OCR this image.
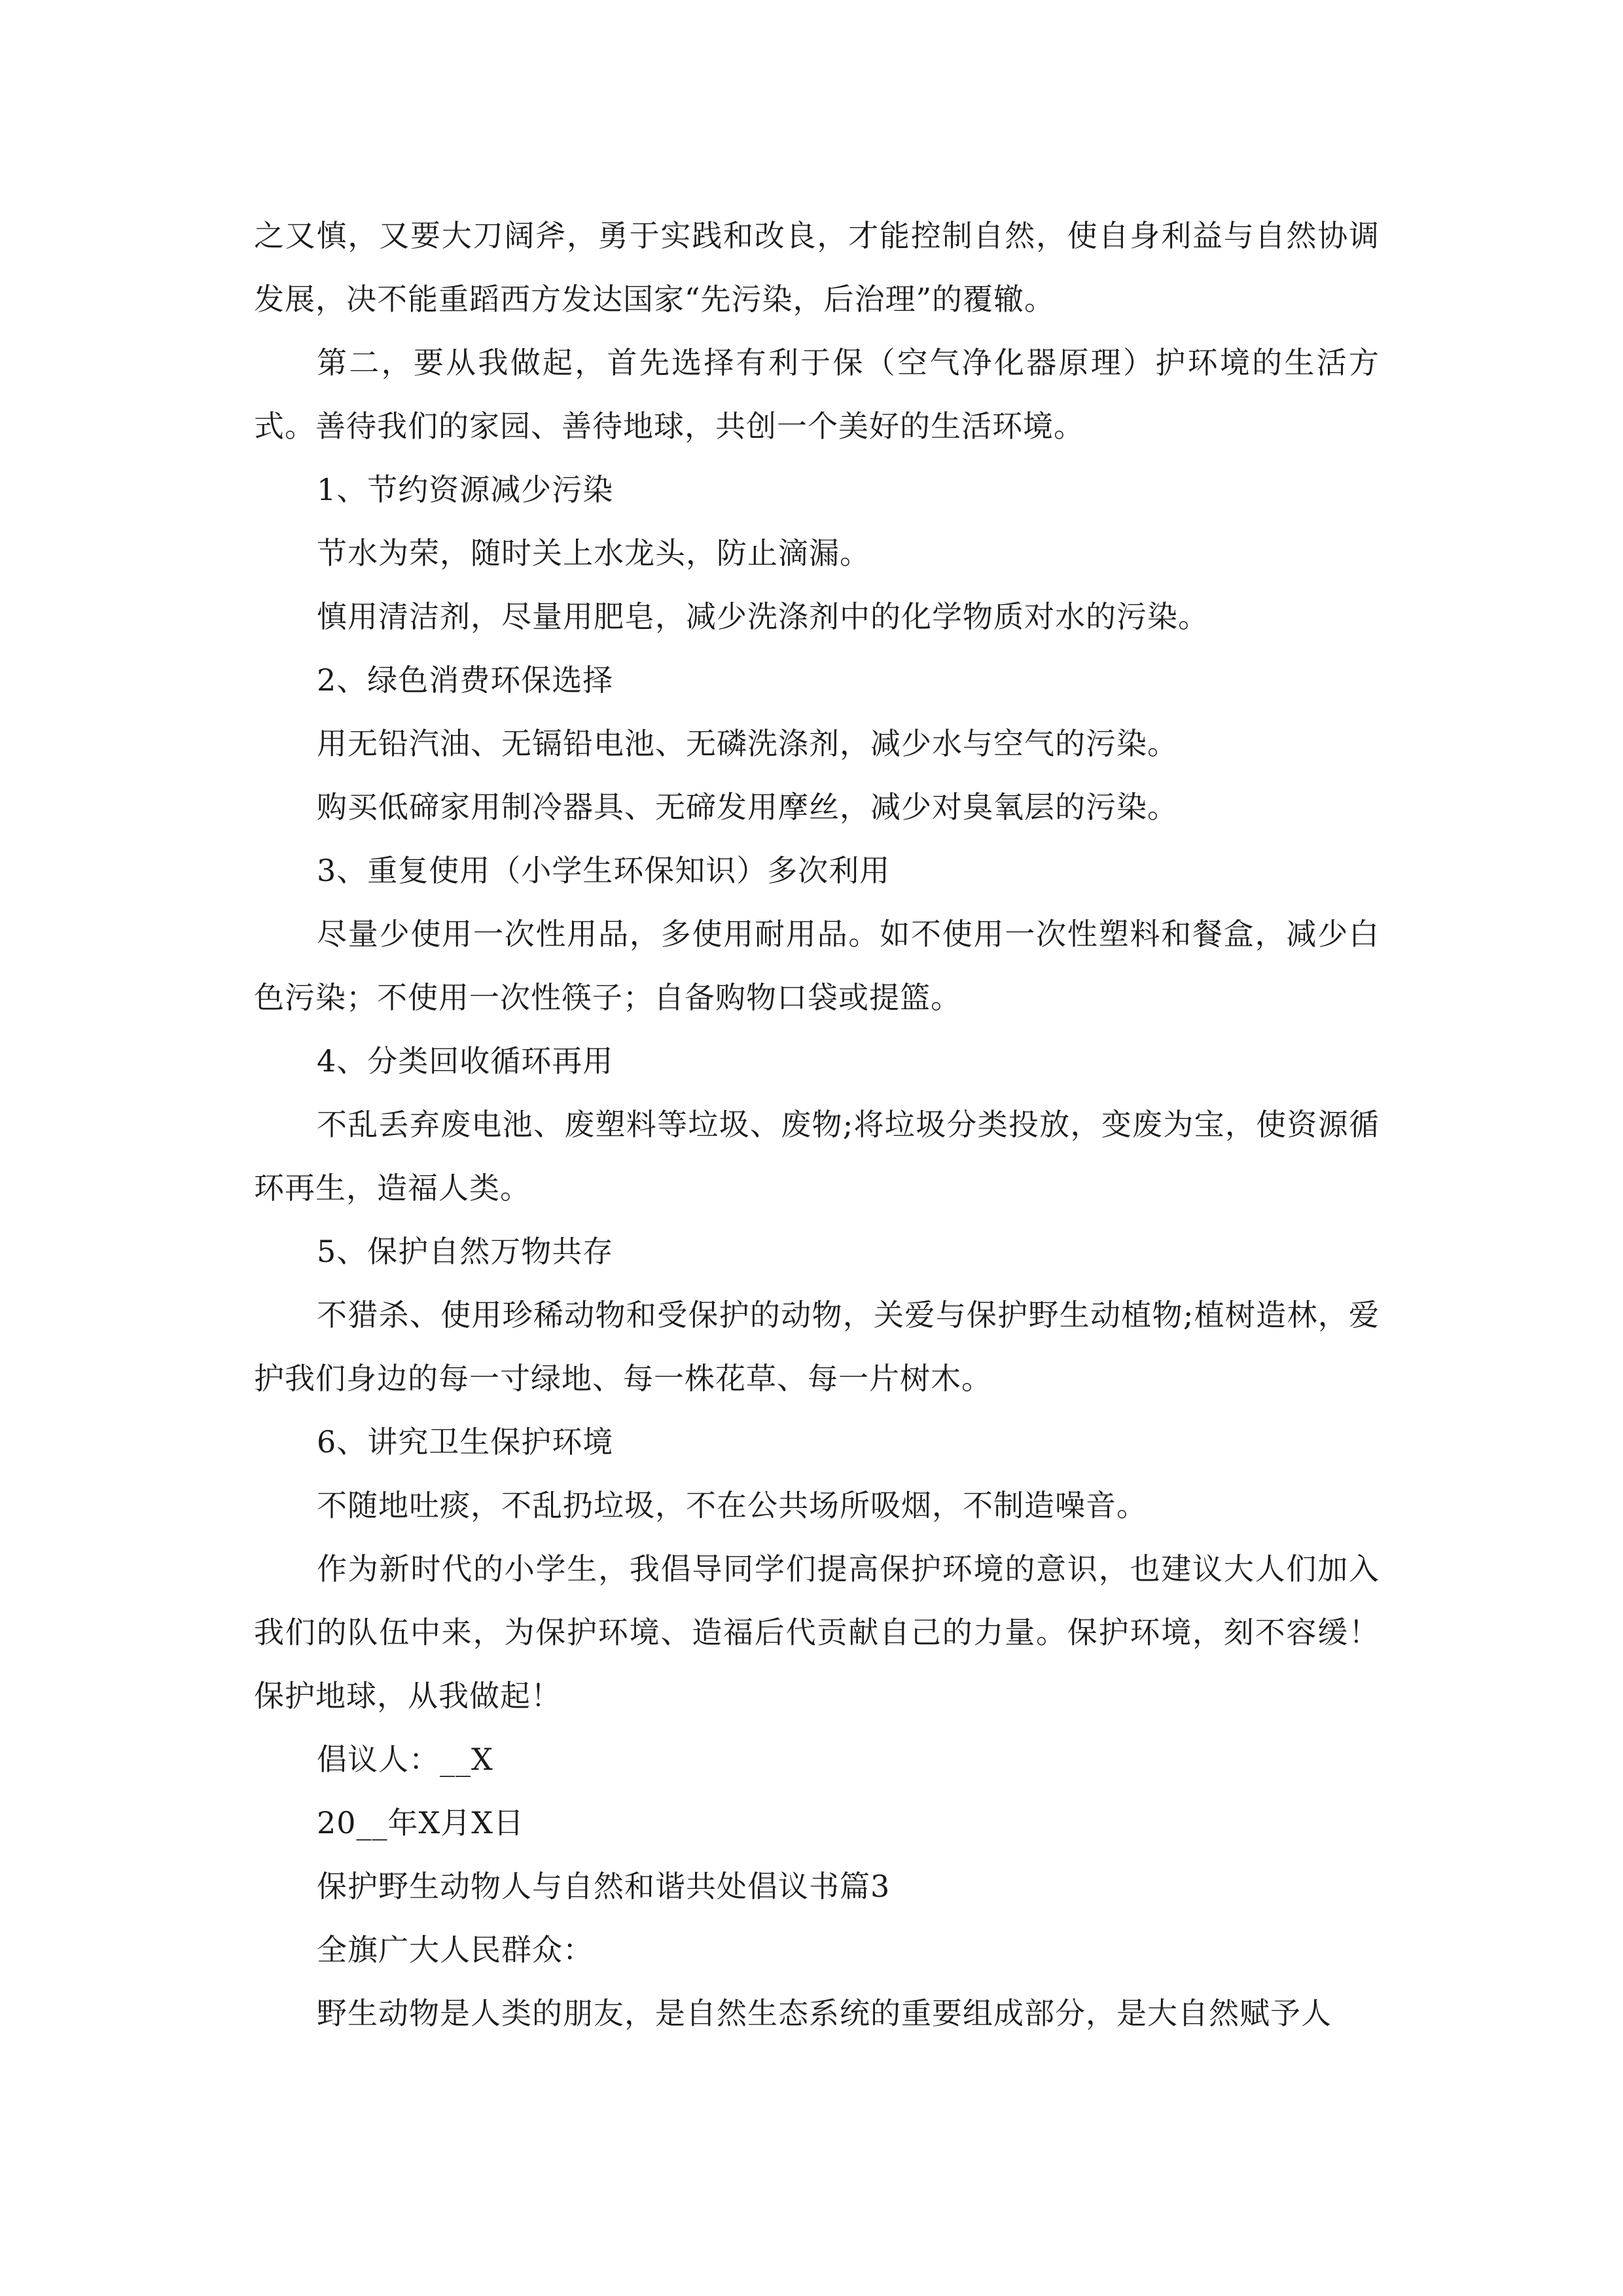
之又慎，又要大刀阔斧，勇于实践和改良，才能控制自然，使自身利益与自然协调发展，决不能重蹈西方发达国家“先污染，后治理”的覆辙。

第二，要从我做起，首先选择有利于保（空气净化器原理）护环境的生活方式。善待我们的家园、善待地球，共创一个美好的生活环境。

1、节约资源减少污染

节水为荣，随时关上水龙头，防止滴漏。

慎用清洁剂，尽量用肥皂，减少洗涤剂中的化学物质对水的污染。

2、绿色消费环保选择

用无铅汽油、无镉铅电池、无磷洗涤剂，减少水与空气的污染。

购买低碲家用制冷器具、无碲发用摩丝，减少对臭氧层的污染。

3、重复使用（小学生环保知识）多次利用

尽量少使用一次性用品，多使用耐用品。如不使用一次性塑料和餐盒，减少白色污染；不使用一次性筷子；自备购物口袋或提篮。

4、分类回收循环再用

不乱丢弃废电池、废塑料等垃圾、废物;将垃圾分类投放，变废为宝，使资源循环再生，造福人类。

5、保护自然万物共存

不猎杀、使用珍稀动物和受保护的动物，关爱与保护野生动植物;植树造林，爱护我们身边的每一寸绿地、每一株花草、每一片树木。

6、讲究卫生保护环境

不随地吐痰，不乱扔垃圾，不在公共场所吸烟，不制造噪音。

作为新时代的小学生，我倡导同学们提高保护环境的意识，也建议大人们加入我们的队伍中来，为保护环境、造福后代贡献自己的力量。保护环境，刻不容缓！保护地球，从我做起！

倡议人：__X

20__年X月X日

保护野生动物人与自然和谐共处倡议书篇3

全旗广大人民群众：

野生动物是人类的朋友，是自然生态系统的重要组成部分，是大自然赋予人
